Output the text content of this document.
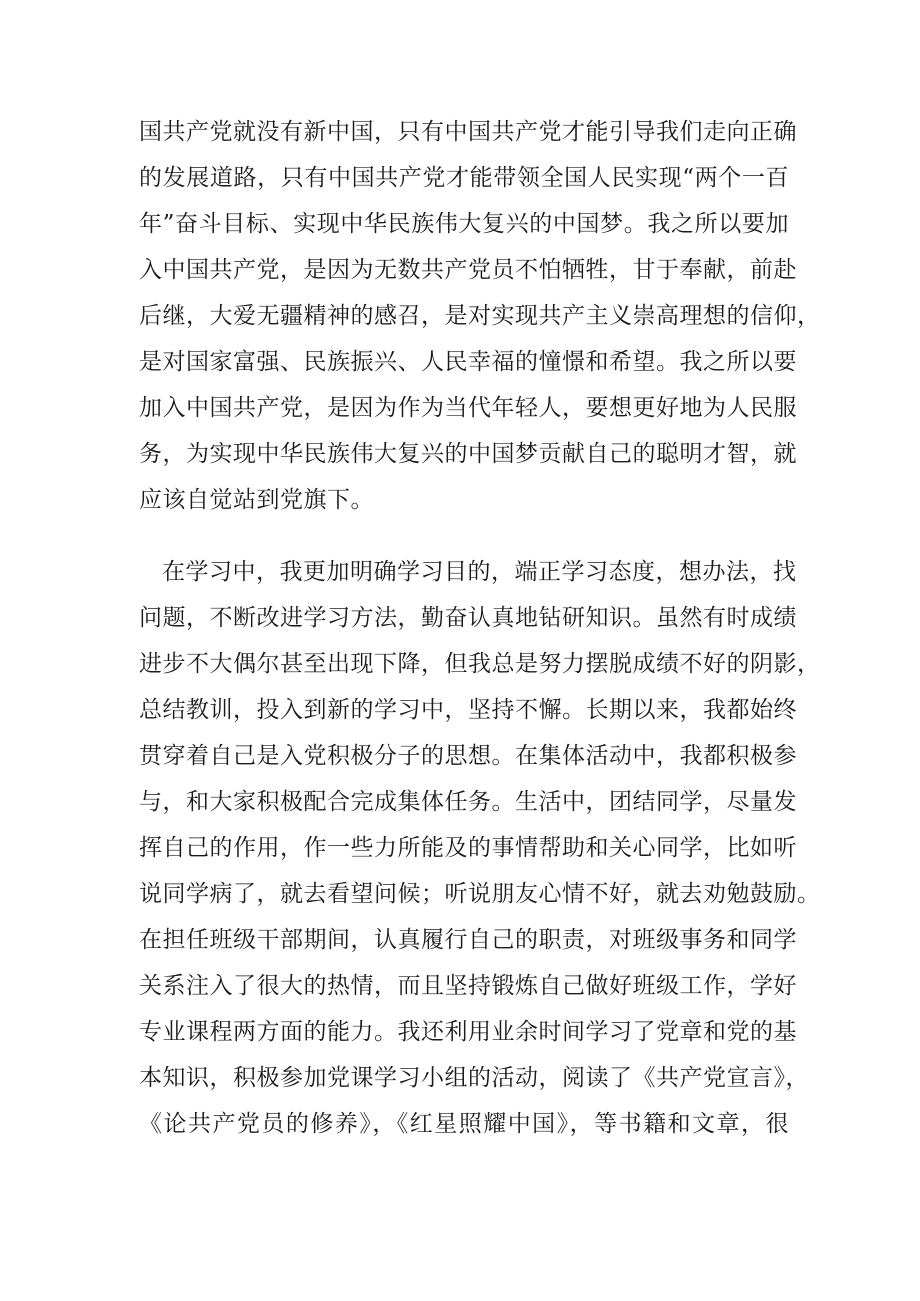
国共产党就没有新中国，只有中国共产党才能引导我们走向正确
的发展道路，只有中国共产党才能带领全国人民实现“两个一百
年”奋斗目标、实现中华民族伟大复兴的中国梦。我之所以要加
入中国共产党，是因为无数共产党员不怕牺牲，甘于奉献，前赴
后继，大爱无疆精神的感召，是对实现共产主义崇高理想的信仰，
是对国家富强、民族振兴、人民幸福的憧憬和希望。我之所以要
加入中国共产党，是因为作为当代年轻人，要想更好地为人民服
务，为实现中华民族伟大复兴的中国梦贡献自己的聪明才智，就
应该自觉站到党旗下。
在学习中，我更加明确学习目的，端正学习态度，想办法，找
问题，不断改进学习方法，勤奋认真地钻研知识。虽然有时成绩
进步不大偶尔甚至出现下降，但我总是努力摆脱成绩不好的阴影，
总结教训，投入到新的学习中，坚持不懈。长期以来，我都始终
贯穿着自己是入党积极分子的思想。在集体活动中，我都积极参
与，和大家积极配合完成集体任务。生活中，团结同学，尽量发
挥自己的作用，作一些力所能及的事情帮助和关心同学，比如听
说同学病了，就去看望问候；听说朋友心情不好，就去劝勉鼓励。
在担任班级干部期间，认真履行自己的职责，对班级事务和同学
关系注入了很大的热情，而且坚持锻炼自己做好班级工作，学好
专业课程两方面的能力。我还利用业余时间学习了党章和党的基
本知识，积极参加党课学习小组的活动，阅读了《共产党宣言》，
《论共产党员的修养》，《红星照耀中国》，等书籍和文章，很
